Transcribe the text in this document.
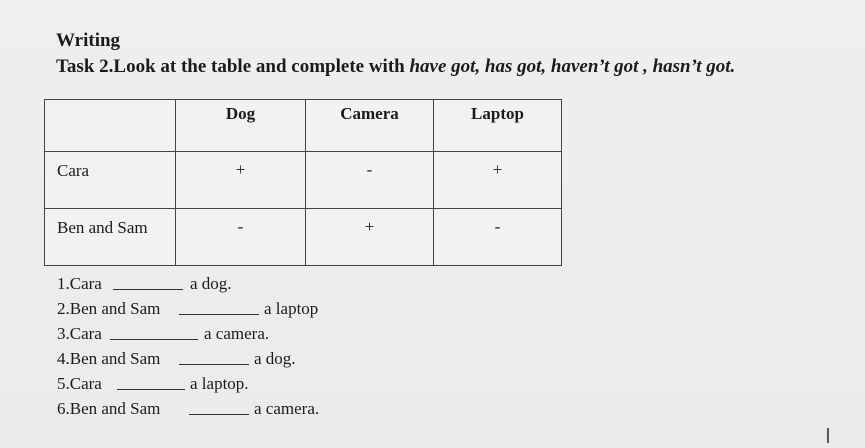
Writing
Task 2.Look at the table and complete with have got, has got, haven’t got , hasn’t got.
	Dog	Camera	Laptop
Cara	+	-	+
Ben and Sam	-	+	-
1.Cara	a dog.
2.Ben and Sam	a laptop
3.Cara	a camera.
4.Ben and Sam	a dog.
5.Cara	a laptop.
6.Ben and Sam	a camera.
I
